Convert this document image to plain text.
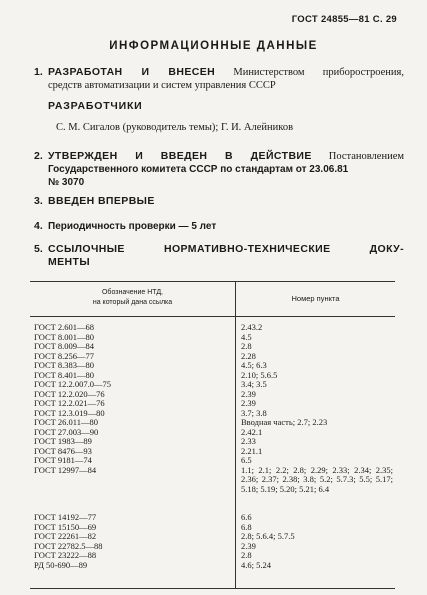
ГОСТ 24855—81 С. 29
ИНФОРМАЦИОННЫЕ ДАННЫЕ
1. РАЗРАБОТАН И ВНЕСЕН Министерством приборостроения,
средств автоматизации и систем управления СССР
РАЗРАБОТЧИКИ
С. М. Сигалов (руководитель темы); Г. И. Алейников
2. УТВЕРЖДЕН И ВВЕДЕН В ДЕЙСТВИЕ Постановлением
Государственного комитета СССР по стандартам от 23.06.81
№ 3070
3. ВВЕДЕН ВПЕРВЫЕ
4. Периодичность проверки — 5 лет
5. ССЫЛОЧНЫЕ НОРМАТИВНО-ТЕХНИЧЕСКИЕ ДОКУ-
МЕНТЫ
Обозначение НТД,
на который дана ссылка	Номер пункта
ГОСТ 2.601—68
ГОСТ 8.001—80
ГОСТ 8.009—84
ГОСТ 8.256—77
ГОСТ 8.383—80
ГОСТ 8.401—80
ГОСТ 12.2.007.0—75
ГОСТ 12.2.020—76
ГОСТ 12.2.021—76
ГОСТ 12.3.019—80
ГОСТ 26.011—80
ГОСТ 27.003—90
ГОСТ 1983—89
ГОСТ 8476—93
ГОСТ 9181—74
ГОСТ 12997—84
ГОСТ 14192—77
ГОСТ 15150—69
ГОСТ 22261—82
ГОСТ 22782.5—88
ГОСТ 23222—88
РД 50-690—89
2.43.2
4.5
2.8
2.28
4.5; 6.3
2.10; 5.6.5
3.4; 3.5
2.39
2.39
3.7; 3.8
Вводная часть; 2.7; 2.23
2.42.1
2.33
2.21.1
6.5
1.1; 2.1; 2.2; 2.8; 2.29; 2.33; 2.34; 2.35; 2.36; 2.37; 2.38; 3.8; 5.2; 5.7.3; 5.5; 5.17; 5.18; 5.19; 5.20; 5.21; 6.4
6.6
6.8
2.8; 5.6.4; 5.7.5
2.39
2.8
4.6; 5.24
